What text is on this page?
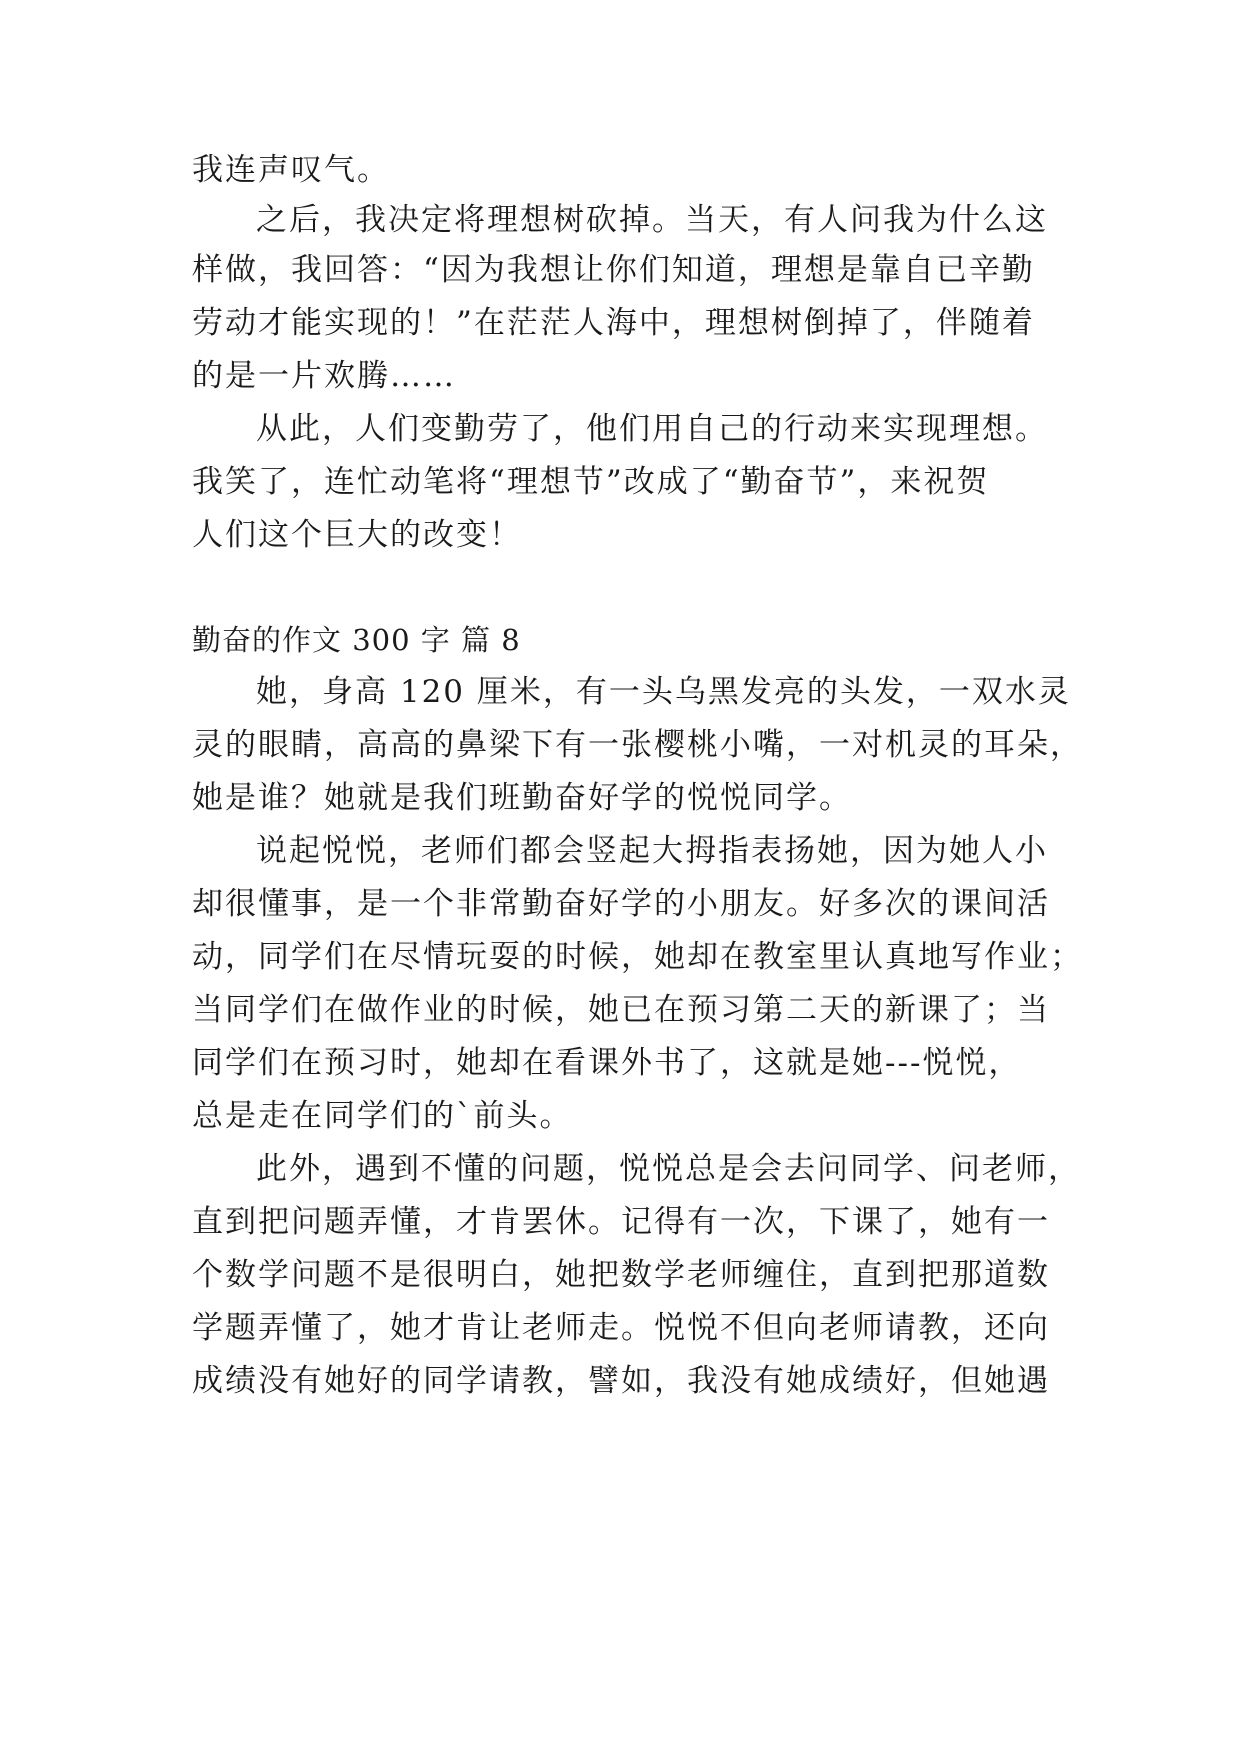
我连声叹气。
之后，我决定将理想树砍掉。当天，有人问我为什么这
样做，我回答：“因为我想让你们知道，理想是靠自已辛勤
劳动才能实现的！”在茫茫人海中，理想树倒掉了，伴随着
的是一片欢腾……
从此，人们变勤劳了，他们用自己的行动来实现理想。
我笑了，连忙动笔将“理想节”改成了“勤奋节”，来祝贺
人们这个巨大的改变！
勤奋的作文 300 字 篇 8
她，身高 120 厘米，有一头乌黑发亮的头发，一双水灵
灵的眼睛，高高的鼻梁下有一张樱桃小嘴，一对机灵的耳朵，
她是谁？她就是我们班勤奋好学的悦悦同学。
说起悦悦，老师们都会竖起大拇指表扬她，因为她人小
却很懂事，是一个非常勤奋好学的小朋友。好多次的课间活
动，同学们在尽情玩耍的时候，她却在教室里认真地写作业；
当同学们在做作业的时候，她已在预习第二天的新课了；当
同学们在预习时，她却在看课外书了，这就是她---悦悦，
总是走在同学们的`前头。
此外，遇到不懂的问题，悦悦总是会去问同学、问老师，
直到把问题弄懂，才肯罢休。记得有一次，下课了，她有一
个数学问题不是很明白，她把数学老师缠住，直到把那道数
学题弄懂了，她才肯让老师走。悦悦不但向老师请教，还向
成绩没有她好的同学请教，譬如，我没有她成绩好，但她遇
